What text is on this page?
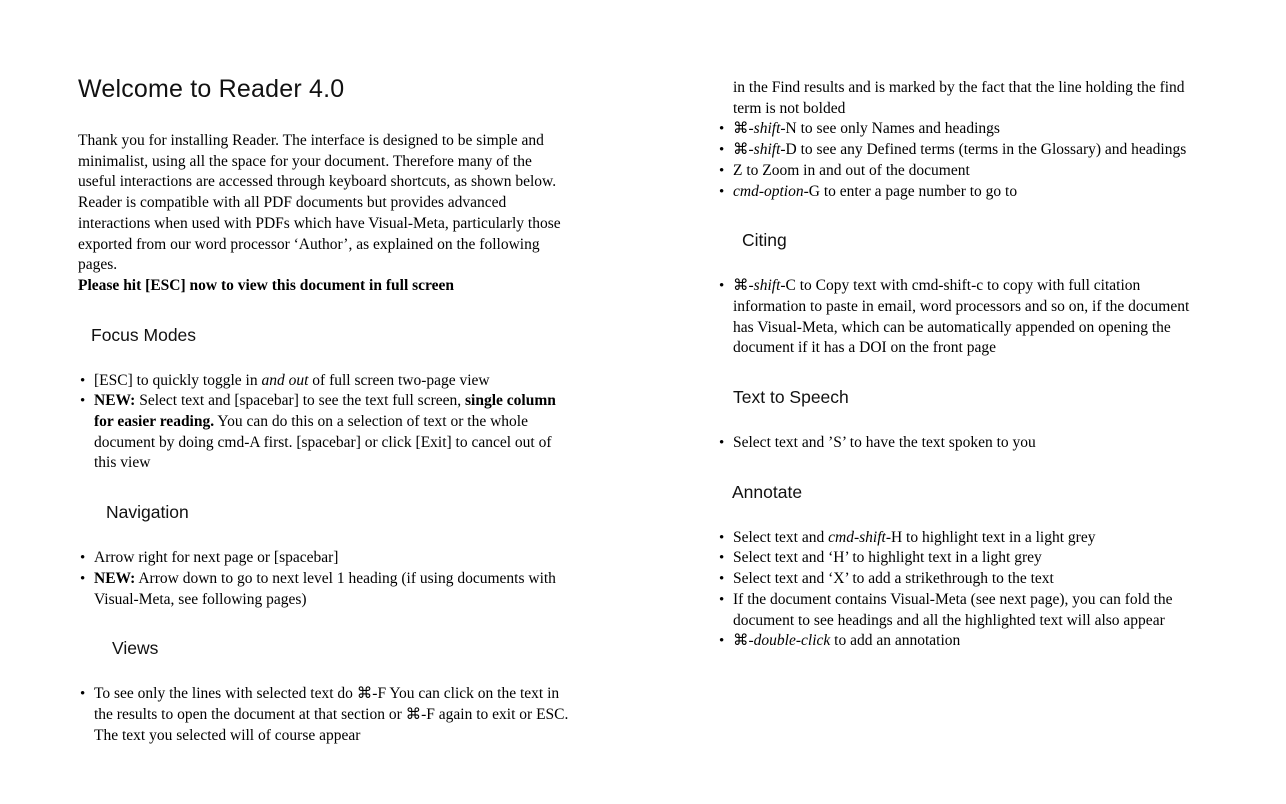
Welcome to Reader 4.0

Thank you for installing Reader. The interface is designed to be simple and minimalist, using all the space for your document. Therefore many of the useful interactions are accessed through keyboard shortcuts, as shown below. Reader is compatible with all PDF documents but provides advanced interactions when used with PDFs which have Visual-Meta, particularly those exported from our word processor ‘Author’, as explained on the following pages.
Please hit [ESC] now to view this document in full screen

Focus Modes
• [ESC] to quickly toggle in and out of full screen two-page view
• NEW: Select text and [spacebar] to see the text full screen, single column for easier reading. You can do this on a selection of text or the whole document by doing cmd-A first. [spacebar] or click [Exit] to cancel out of this view
Navigation
• Arrow right for next page or [spacebar]
• NEW: Arrow down to go to next level 1 heading (if using documents with Visual-Meta, see following pages)
Views
• To see only the lines with selected text do ⌘-F You can click on the text in the results to open the document at that section or ⌘-F again to exit or ESC. The text you selected will of course appear
in the Find results and is marked by the fact that the line holding the find term is not bolded
• ⌘-shift-N to see only Names and headings
• ⌘-shift-D to see any Defined terms (terms in the Glossary) and headings
• Z to Zoom in and out of the document
• cmd-option-G to enter a page number to go to
Citing
• ⌘-shift-C to Copy text with cmd-shift-c to copy with full citation information to paste in email, word processors and so on, if the document has Visual-Meta, which can be automatically appended on opening the document if it has a DOI on the front page
Text to Speech
• Select text and ’S’ to have the text spoken to you
Annotate
• Select text and cmd-shift-H to highlight text in a light grey
• Select text and ‘H’ to highlight text in a light grey
• Select text and ‘X’ to add a strikethrough to the text
• If the document contains Visual-Meta (see next page), you can fold the document to see headings and all the highlighted text will also appear
• ⌘-double-click to add an annotation
